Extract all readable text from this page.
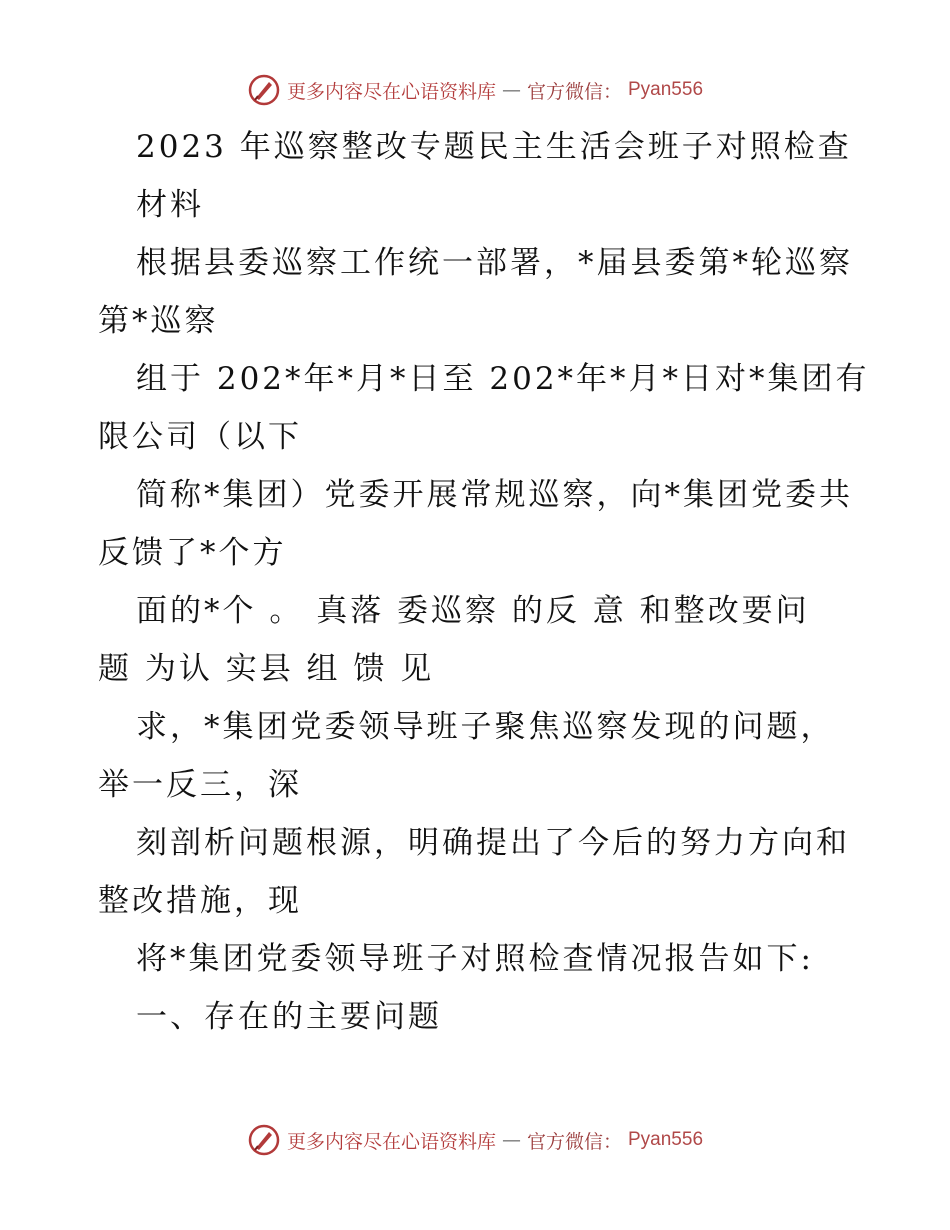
更多内容尽在心语资料库 — 官方微信： Pyan556
2023 年巡察整改专题民主生活会班子对照检查
材料
根据县委巡察工作统一部署，*届县委第*轮巡察
第*巡察
组于 202*年*月*日至 202*年*月*日对*集团有
限公司（以下
简称*集团）党委开展常规巡察，向*集团党委共
反馈了*个方
面的*个 。 真落 委巡察 的反 意 和整改要问
题 为认 实县 组 馈 见
求，*集团党委领导班子聚焦巡察发现的问题，
举一反三，深
刻剖析问题根源，明确提出了今后的努力方向和
整改措施，现
将*集团党委领导班子对照检查情况报告如下:
一、存在的主要问题
更多内容尽在心语资料库 — 官方微信： Pyan556
